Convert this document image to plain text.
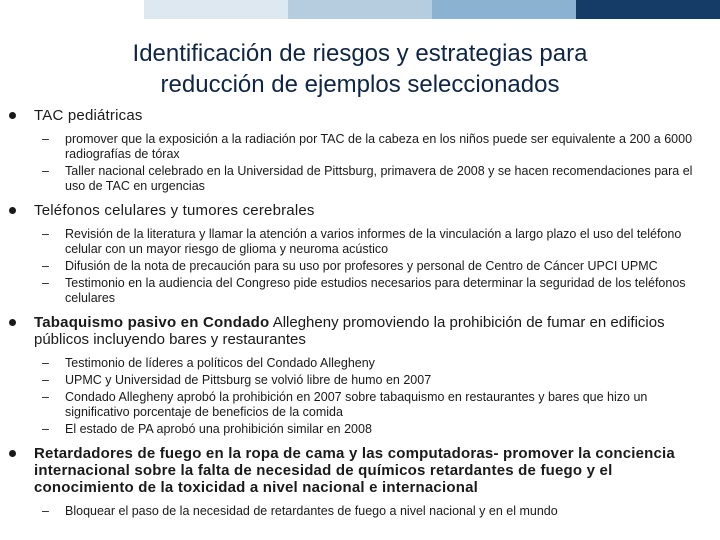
Identificación de riesgos y estrategias para
reducción de ejemplos seleccionados
TAC pediátricas
– promover que la exposición a la radiación por TAC de la cabeza en los niños puede ser equivalente a 200 a 6000 radiografías de tórax
– Taller nacional celebrado en la Universidad de Pittsburg, primavera de 2008 y se hacen recomendaciones para el uso de TAC en urgencias
Teléfonos celulares y tumores cerebrales
– Revisión de la literatura y llamar la atención a varios informes de la vinculación a largo plazo el uso del teléfono celular con un mayor riesgo de glioma y neuroma acústico
– Difusión de la nota de precaución para su uso por profesores y personal de Centro de Cáncer UPCI UPMC
– Testimonio en la audiencia del Congreso pide estudios necesarios para determinar la seguridad de los teléfonos celulares
Tabaquismo pasivo en Condado Allegheny promoviendo la prohibición de fumar en edificios públicos incluyendo bares y restaurantes
– Testimonio de líderes a políticos del Condado Allegheny
– UPMC y Universidad de Pittsburg se volvió libre de humo en 2007
– Condado Allegheny aprobó la prohibición en 2007 sobre tabaquismo en restaurantes y bares que hizo un significativo porcentaje de beneficios de la comida
– El estado de PA aprobó una prohibición similar en 2008
Retardadores de fuego en la ropa de cama y las computadoras- promover la conciencia internacional sobre la falta de necesidad de químicos retardantes de fuego y el conocimiento de la toxicidad a nivel nacional e internacional
– Bloquear el paso de la necesidad de retardantes de fuego a nivel nacional y en el mundo
